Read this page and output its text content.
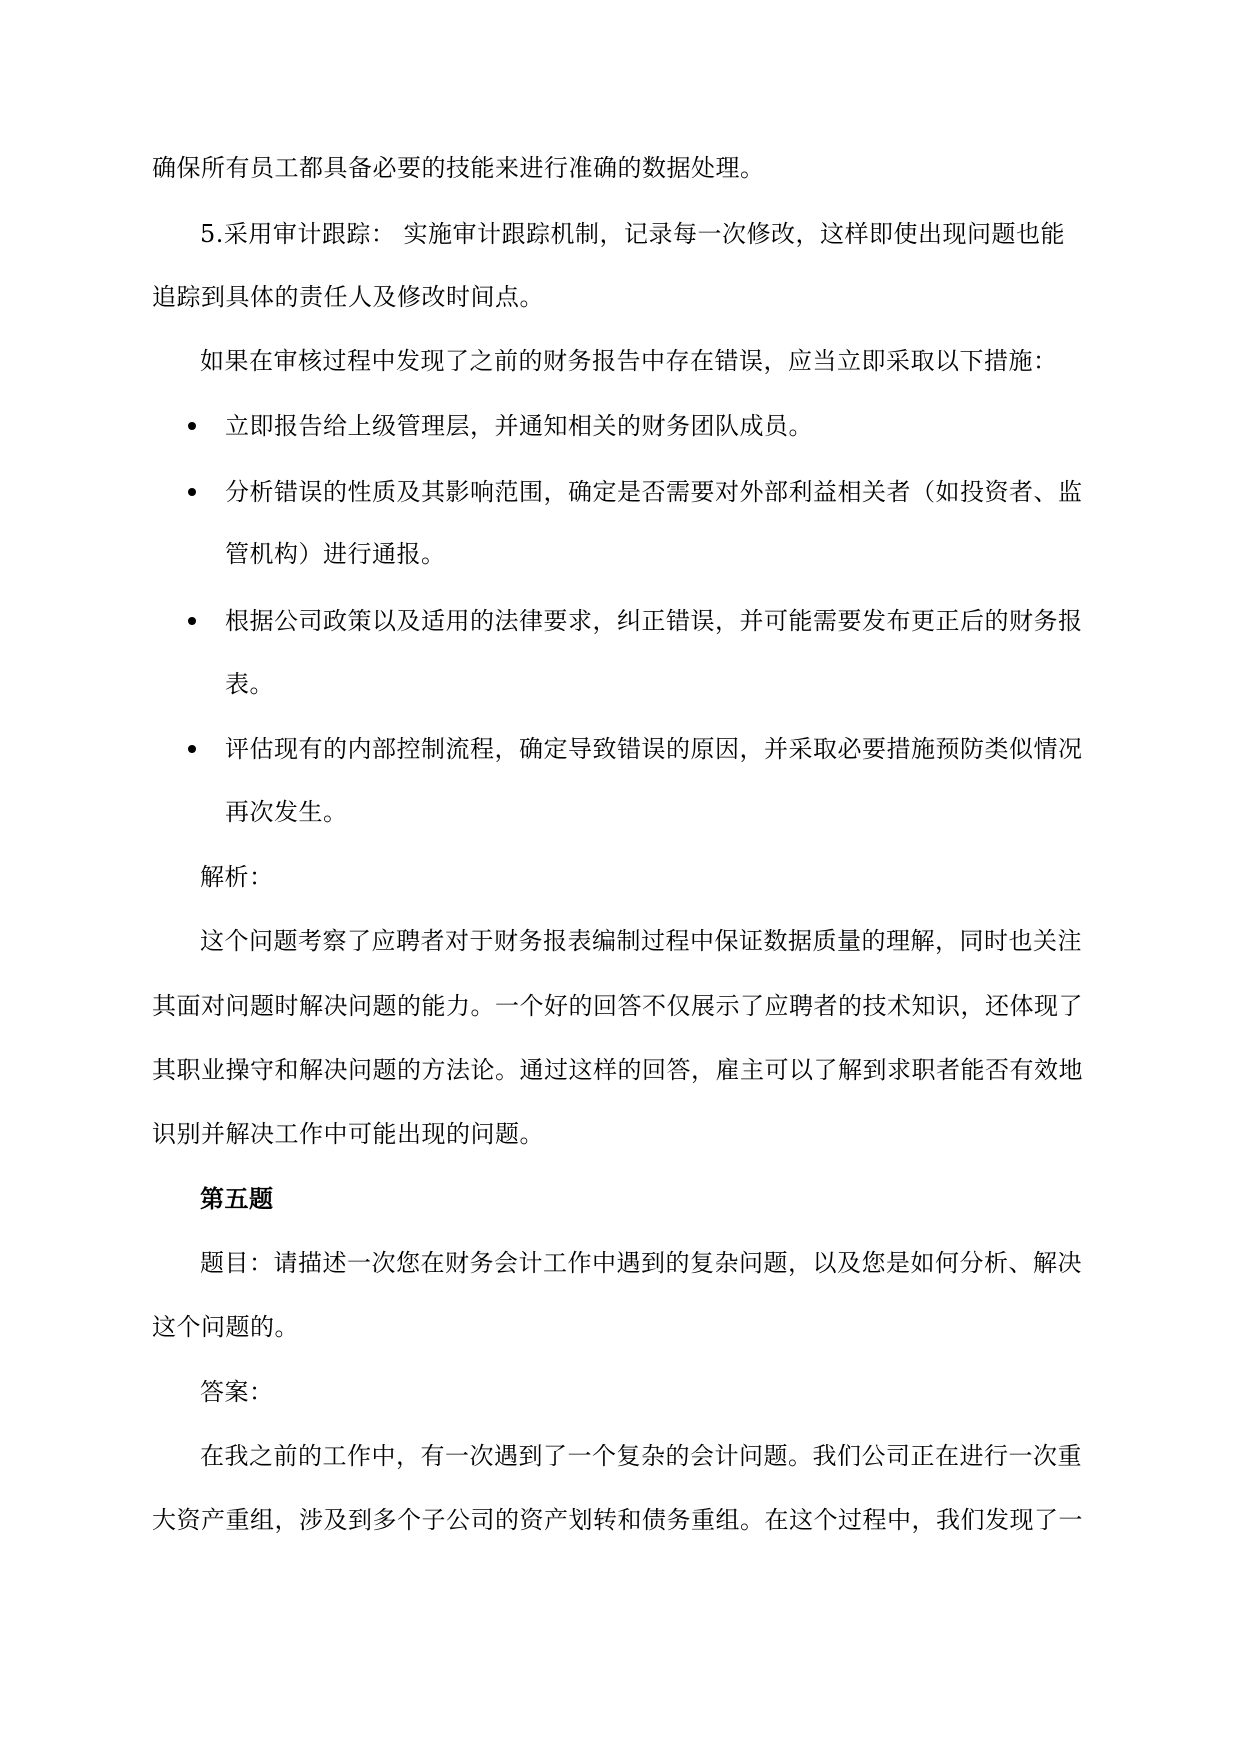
确保所有员工都具备必要的技能来进行准确的数据处理。
5.采用审计跟踪： 实施审计跟踪机制，记录每一次修改，这样即使出现问题也能
追踪到具体的责任人及修改时间点。
如果在审核过程中发现了之前的财务报告中存在错误，应当立即采取以下措施：
立即报告给上级管理层，并通知相关的财务团队成员。
分析错误的性质及其影响范围，确定是否需要对外部利益相关者（如投资者、监
管机构）进行通报。
根据公司政策以及适用的法律要求，纠正错误，并可能需要发布更正后的财务报
表。
评估现有的内部控制流程，确定导致错误的原因，并采取必要措施预防类似情况
再次发生。
解析：
这个问题考察了应聘者对于财务报表编制过程中保证数据质量的理解，同时也关注
其面对问题时解决问题的能力。一个好的回答不仅展示了应聘者的技术知识，还体现了
其职业操守和解决问题的方法论。通过这样的回答，雇主可以了解到求职者能否有效地
识别并解决工作中可能出现的问题。
第五题
题目：请描述一次您在财务会计工作中遇到的复杂问题，以及您是如何分析、解决
这个问题的。
答案：
在我之前的工作中，有一次遇到了一个复杂的会计问题。我们公司正在进行一次重
大资产重组，涉及到多个子公司的资产划转和债务重组。在这个过程中，我们发现了一
